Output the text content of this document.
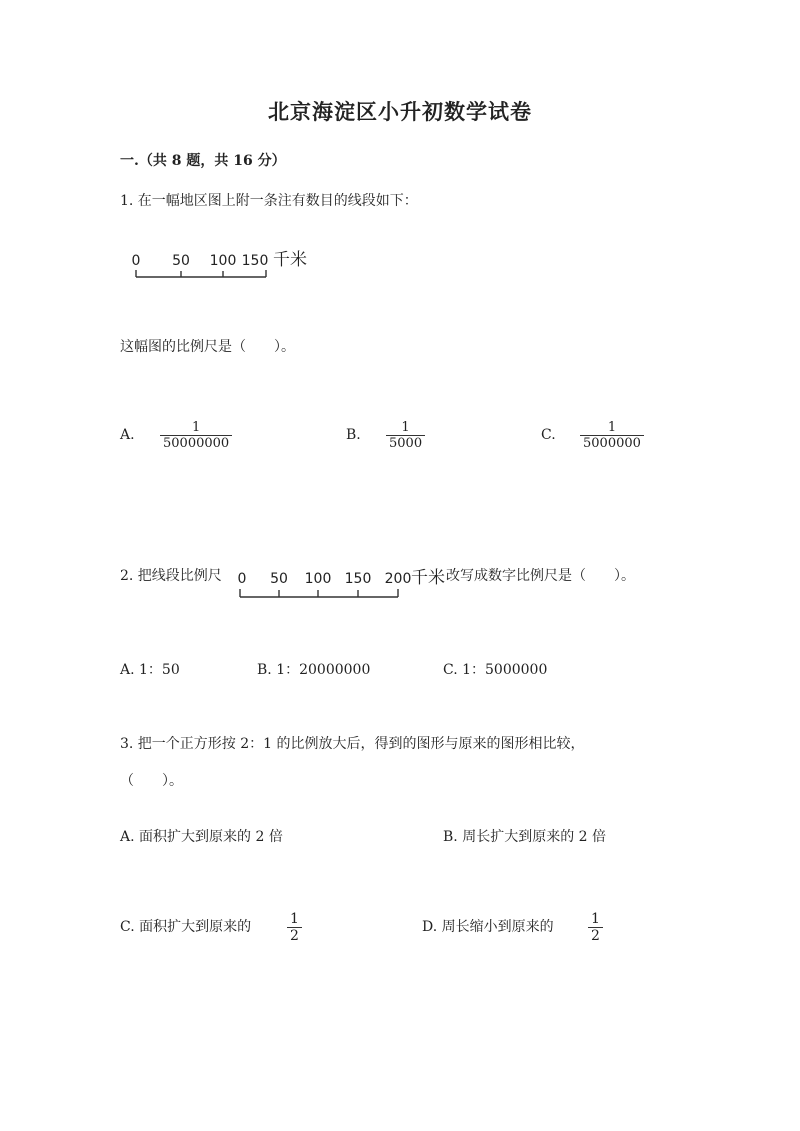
北京海淀区小升初数学试卷
一.（共 8 题，共 16 分）
1. 在一幅地区图上附一条注有数目的线段如下：
0 50 100 150 千米
这幅图的比例尺是（　　）。
A. $\frac{1}{50000000}$	B. $\frac{1}{5000}$	C. $\frac{1}{5000000}$
2. 把线段比例尺 0 50 100 150 200 千米 改写成数字比例尺是（　　）。
A. 1：50	B. 1：20000000	C. 1：5000000
3. 把一个正方形按 2：1 的比例放大后，得到的图形与原来的图形相比较，
（　　）。
A. 面积扩大到原来的 2 倍	B. 周长扩大到原来的 2 倍
C. 面积扩大到原来的	$\frac{1}{2}$	D. 周长缩小到原来的 $\frac{1}{2}$
